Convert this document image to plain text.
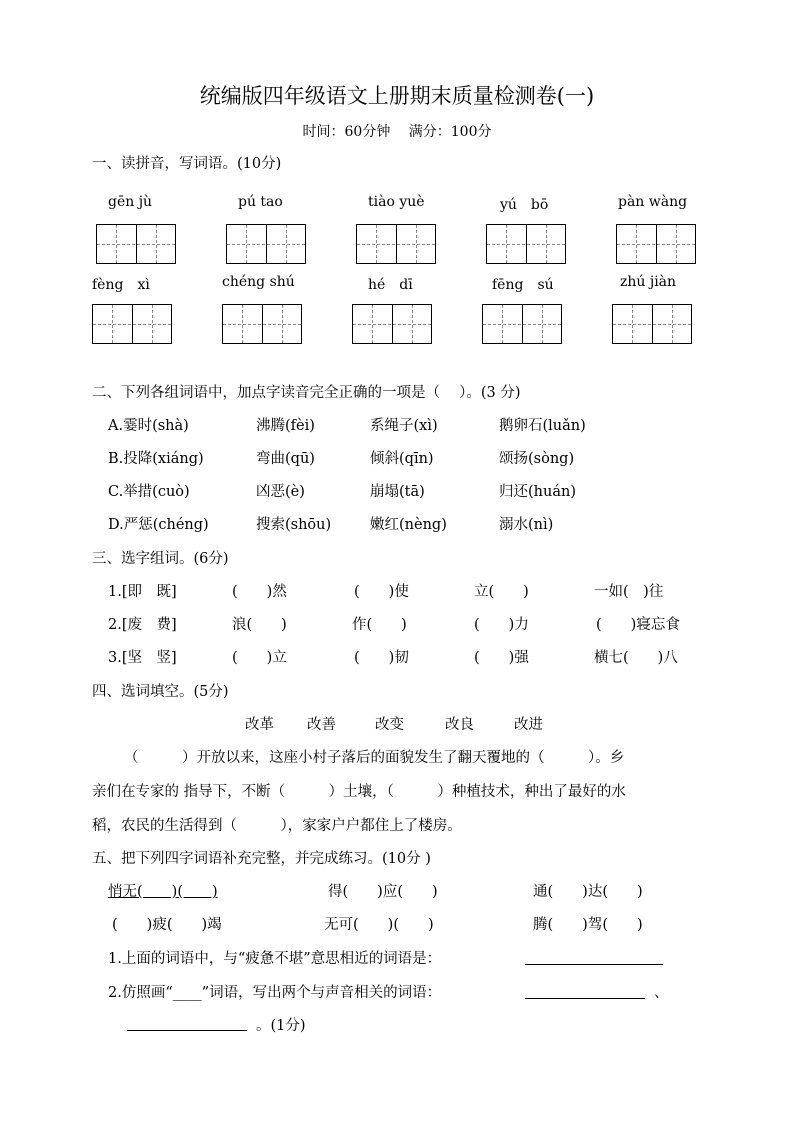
统编版四年级语文上册期末质量检测卷(一)
时间：60分钟　 满分：100分
一、读拼音，写词语。(10分)
gēn jù	pú tao	tiào yuè	yú　bō	pàn wàng
fèng　xì	chéng shú	hé　dī	fēng　sú	zhú jiàn
二、下列各组词语中，加点字读音完全正确的一项是（　 ）。(3 分)
A.霎时(shà)	沸腾(fèi)	系绳子(xì)	鹅卵石(luǎn)
B.投降(xiáng)	弯曲(qū)	倾斜(qīn)	颂扬(sòng)
C.举措(cuò)	凶恶(è)	崩塌(tā)	归还(huán)
D.严惩(chéng)	搜索(shōu)	嫩红(nèng)	溺水(nì)
三、选字组词。(6分)
1.[即　既]	(　　)然	(　　)使	立(　　)	一如(　)往
2.[废　费]	浪(　　)	作(　　)	(　　)力	(　　)寝忘食
3.[坚　竖]	(　　)立	(　　)韧	(　　)强	横七(　　)八
四、选词填空。(5分)
改革 改善	改变	改良	改进
（　　　）开放以来，这座小村子落后的面貌发生了翻天覆地的（　　　）。乡
亲们在专家的 指导下，不断（　　　）土壤，（　　　）种植技术，种出了最好的水
稻，农民的生活得到（　　　），家家户户都住上了楼房。
五、把下列四字词语补充完整，并完成练习。(10分 )
悄无(　　)(　　)	得(　　)应(　　)	通(　　)达(　　)
(　　)疲(　　)竭	无可(　　)(　　)	腾(　　)驾(　　)
1.上面的词语中，与“疲惫不堪”意思相近的词语是：
2.仿照画“____”词语，写出两个与声音相关的词语：	、
。(1分)
